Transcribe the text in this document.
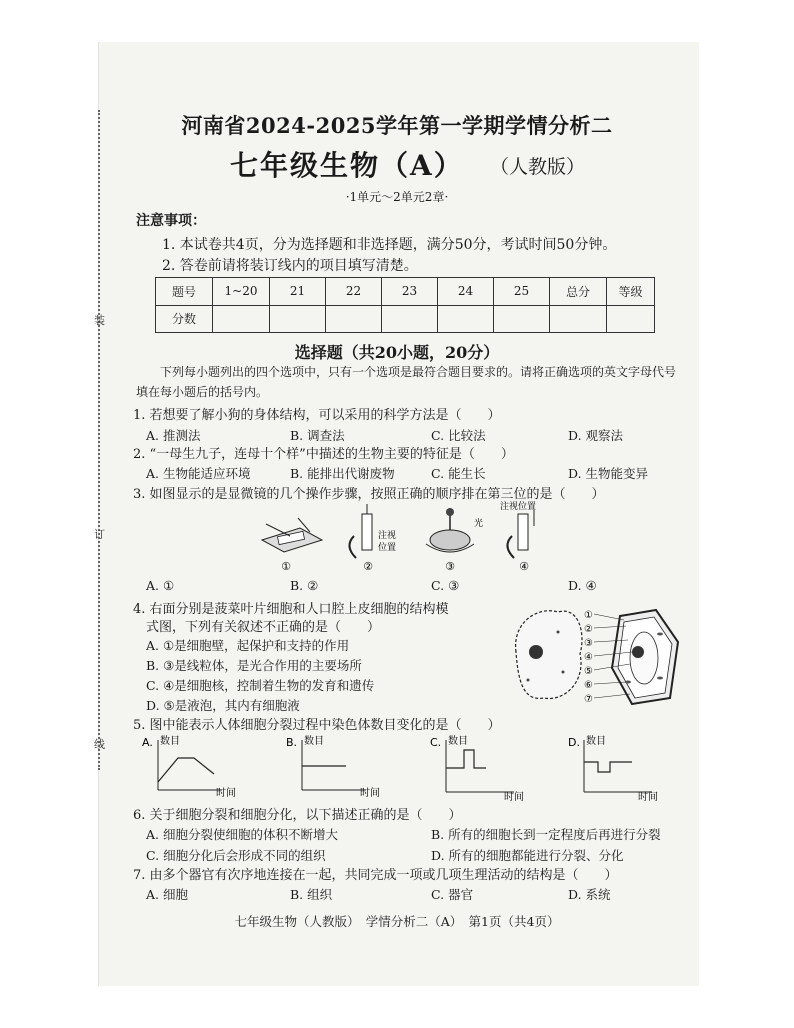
装
订
线
河南省2024-2025学年第一学期学情分析二
七年级生物（A） （人教版）
·1单元～2单元2章·
注意事项：
1. 本试卷共4页，分为选择题和非选择题，满分50分，考试时间50分钟。
2. 答卷前请将装订线内的项目填写清楚。
题号	1~20	21	22	23	24	25	总分	等级
分数								
选择题（共20小题，20分）
下列每小题列出的四个选项中，只有一个选项是最符合题目要求的。请将正确选项的英文字母代号填在每小题后的括号内。
1. 若想要了解小狗的身体结构，可以采用的科学方法是（　　）
A. 推测法	B. 调查法	C. 比较法	D. 观察法
2. “一母生九子，连母十个样”中描述的生物主要的特征是（　　）
A. 生物能适应环境	B. 能排出代谢废物	C. 能生长	D. 生物能变异
3. 如图显示的是显微镜的几个操作步骤，按照正确的顺序排在第三位的是（　　）
①
注视
位置
②
光
③
注视位置
④
A. ①	B. ②	C. ③	D. ④
4. 右面分别是菠菜叶片细胞和人口腔上皮细胞的结构模
式图，下列有关叙述不正确的是（　　）
A. ①是细胞壁，起保护和支持的作用
B. ③是线粒体，是光合作用的主要场所
C. ④是细胞核，控制着生物的发育和遗传
D. ⑤是液泡，其内有细胞液
①
②
③
④
⑤
⑥
⑦
5. 图中能表示人体细胞分裂过程中染色体数目变化的是（　　）
A. 数目
时间
B. 数目
时间
C. 数目
时间
D. 数目
时间
6. 关于细胞分裂和细胞分化，以下描述正确的是（　　）
A. 细胞分裂使细胞的体积不断增大	B. 所有的细胞长到一定程度后再进行分裂
C. 细胞分化后会形成不同的组织	D. 所有的细胞都能进行分裂、分化
7. 由多个器官有次序地连接在一起，共同完成一项或几项生理活动的结构是（　　）
A. 细胞	B. 组织	C. 器官	D. 系统
七年级生物（人教版）　学情分析二（A）　第1页（共4页）
